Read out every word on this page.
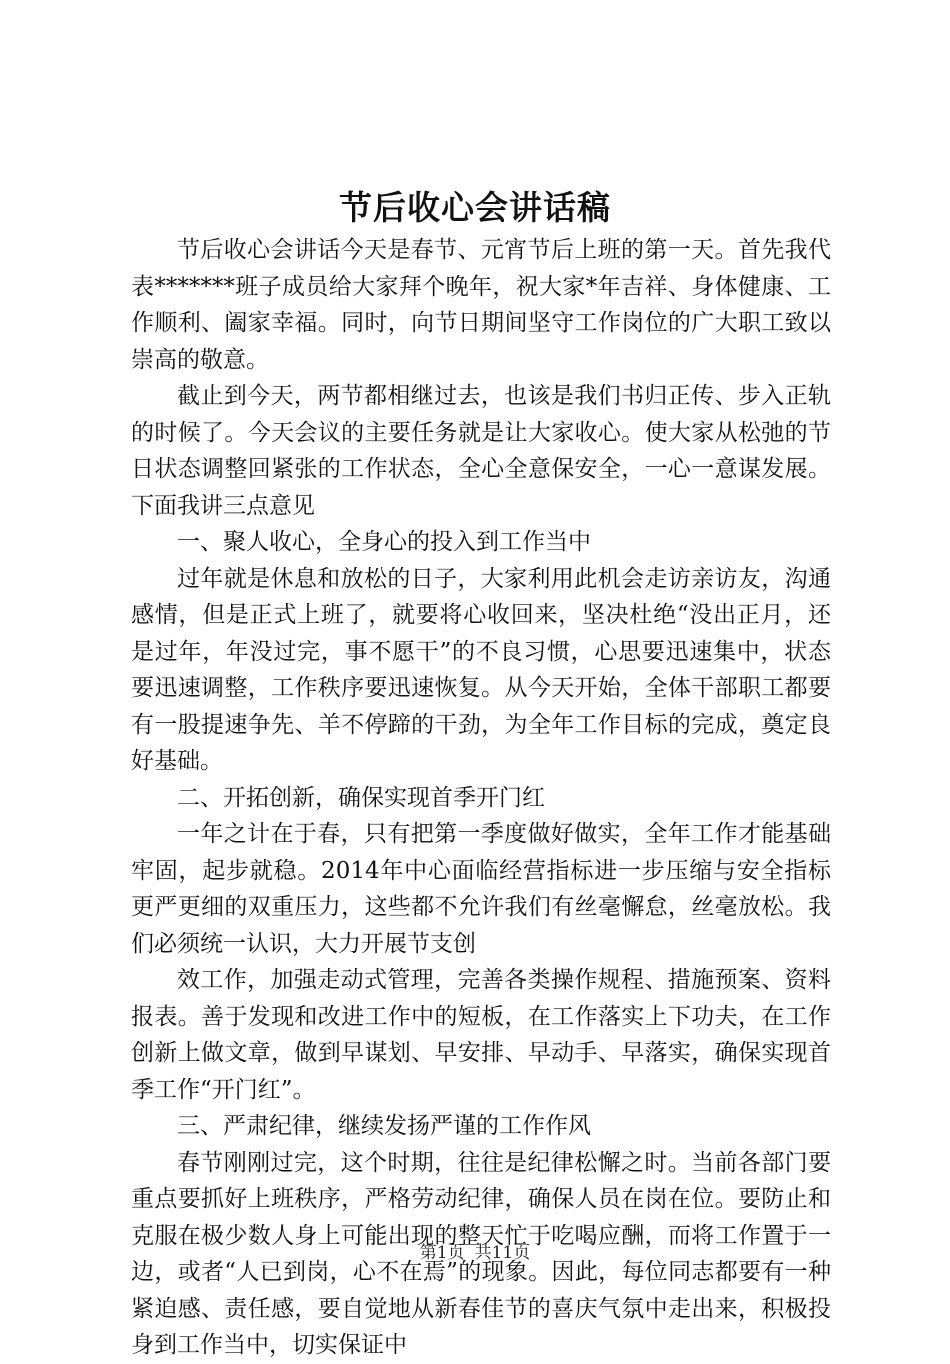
节后收心会讲话稿

节后收心会讲话今天是春节、元宵节后上班的第一天。首先我代表*******班子成员给大家拜个晚年，祝大家*年吉祥、身体健康、工作顺利、阖家幸福。同时，向节日期间坚守工作岗位的广大职工致以崇高的敬意。

截止到今天，两节都相继过去，也该是我们书归正传、步入正轨的时候了。今天会议的主要任务就是让大家收心。使大家从松弛的节日状态调整回紧张的工作状态，全心全意保安全，一心一意谋发展。下面我讲三点意见

一、聚人收心，全身心的投入到工作当中

过年就是休息和放松的日子，大家利用此机会走访亲访友，沟通感情，但是正式上班了，就要将心收回来，坚决杜绝“没出正月，还是过年，年没过完，事不愿干”的不良习惯，心思要迅速集中，状态要迅速调整，工作秩序要迅速恢复。从今天开始，全体干部职工都要有一股提速争先、羊不停蹄的干劲，为全年工作目标的完成，奠定良好基础。

二、开拓创新，确保实现首季开门红

一年之计在于春，只有把第一季度做好做实，全年工作才能基础牢固，起步就稳。2014年中心面临经营指标进一步压缩与安全指标更严更细的双重压力，这些都不允许我们有丝毫懈怠，丝毫放松。我们必须统一认识，大力开展节支创

效工作，加强走动式管理，完善各类操作规程、措施预案、资料报表。善于发现和改进工作中的短板，在工作落实上下功夫，在工作创新上做文章，做到早谋划、早安排、早动手、早落实，确保实现首季工作“开门红”。

三、严肃纪律，继续发扬严谨的工作作风

春节刚刚过完，这个时期，往往是纪律松懈之时。当前各部门要重点要抓好上班秩序，严格劳动纪律，确保人员在岗在位。要防止和克服在极少数人身上可能出现的整天忙于吃喝应酬，而将工作置于一边，或者“人已到岗，心不在焉”的现象。因此，每位同志都要有一种紧迫感、责任感，要自觉地从新春佳节的喜庆气氛中走出来，积极投身到工作当中，切实保证中

第1页 共11页
